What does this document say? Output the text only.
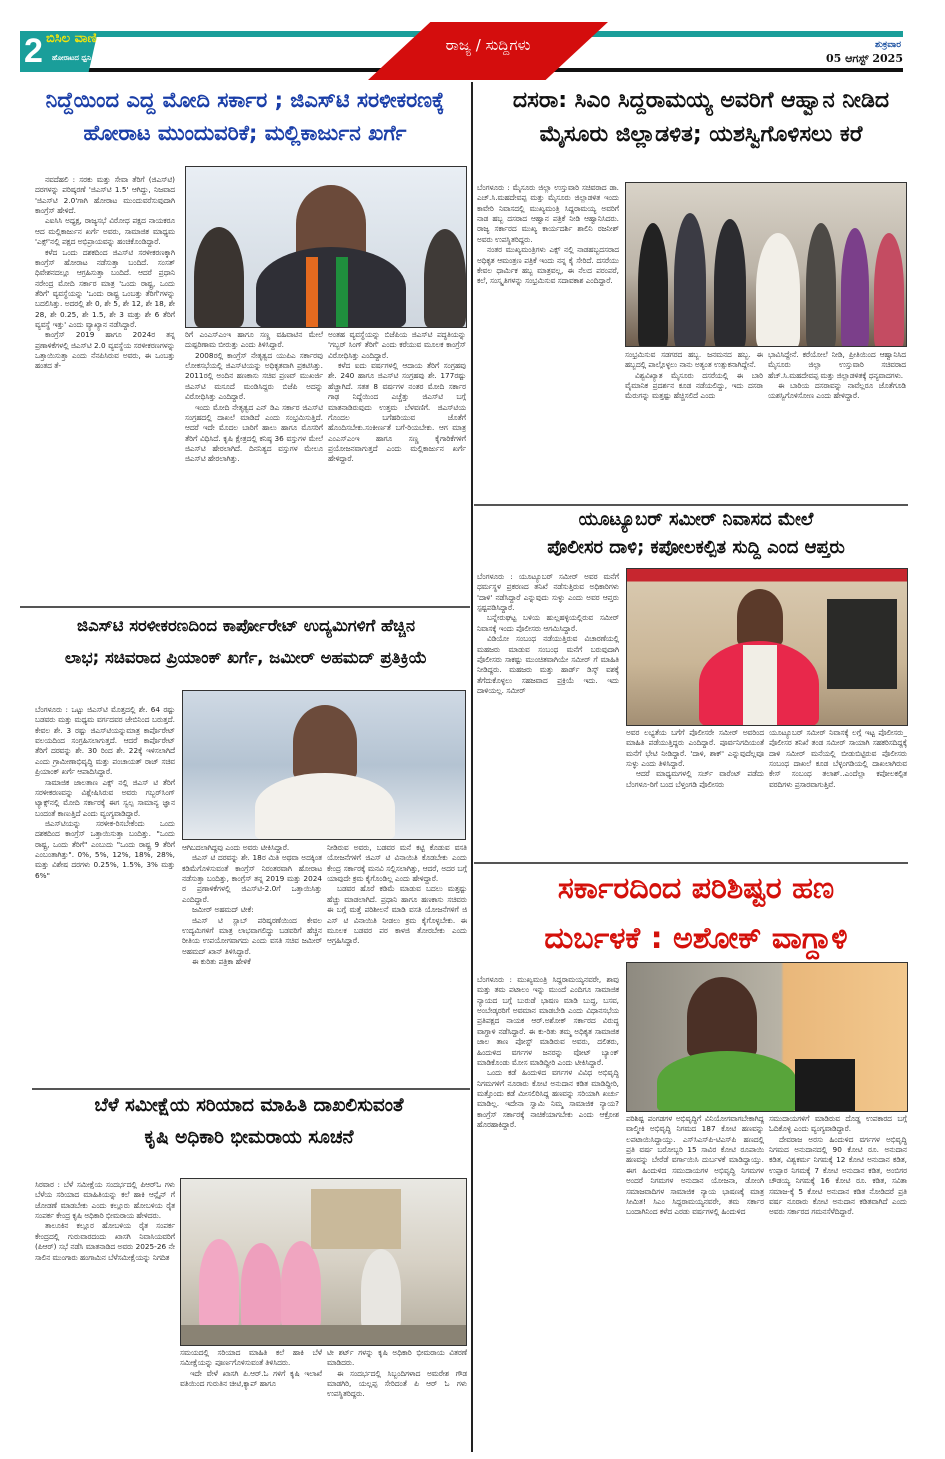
2 ಬಿಸಿಲ ವಾಣಿ
ಹೋರಾಟದ ಧ್ವನಿ
ರಾಜ್ಯ / ಸುದ್ದಿಗಳು	ಶುಕ್ರವಾರ
05 ಆಗಸ್ಟ್ 2025
ನಿದ್ದೆಯಿಂದ ಎದ್ದ ಮೋದಿ ಸರ್ಕಾರ ; ಜಿಎಸ್‌ಟಿ ಸರಳೀಕರಣಕ್ಕೆ
ಹೋರಾಟ ಮುಂದುವರಿಕೆ; ಮಲ್ಲಿಕಾರ್ಜುನ ಖರ್ಗೆ

ನವದೆಹಲಿ : ಸರಕು ಮತ್ತು ಸೇವಾ ತೆರಿಗೆ (ಜಿಎಸ್‌ಟಿ) ದರಗಳನ್ನು ಪರಿಷ್ಕರಣೆ 'ಜಿಎಸ್‌ಟಿ 1.5' ಆಗಿದ್ದು, ನಿಜವಾದ 'ಜಿಎಸ್‌ಟಿ 2.0'ಗಾಗಿ ಹೋರಾಟ ಮುಂದುವರೆಸುವುದಾಗಿ ಕಾಂಗ್ರೆಸ್ ಹೇಳಿದೆ.

ಎಐಸಿಸಿ ಅಧ್ಯಕ್ಷ, ರಾಜ್ಯಸಭೆ ವಿರೋಧ ಪಕ್ಷದ ನಾಯಕರೂ ಆದ ಮಲ್ಲಿಕಾರ್ಜುನ ಖರ್ಗೆ ಅವರು, ಸಾಮಾಜಿಕ ಮಾಧ್ಯಮ 'ಎಕ್ಸ್'ನಲ್ಲಿ ಪಕ್ಷದ ಅಭಿಪ್ರಾಯವನ್ನು ಹಂಚಿಕೊಂಡಿದ್ದಾರೆ.

ಕಳೆದ ಒಂದು ದಶಕದಿಂದ ಜಿಎಸ್‌ಟಿ ಸರಳೀಕರಣಕ್ಕಾಗಿ ಕಾಂಗ್ರೆಸ್ ಹೋರಾಟ ನಡೆಸುತ್ತಾ ಬಂದಿದೆ. ಸಂಸತ್ ಧಿವೇಶನದಲ್ಲೂ ಆಗ್ರಹಿಸುತ್ತಾ ಬಂದಿದೆ. ಆದರೆ ಪ್ರಧಾನಿ ನರೇಂದ್ರ ಮೋದಿ ಸರ್ಕಾರ ಮಾತ್ರ 'ಒಂದು ರಾಷ್ಟ್ರ, ಒಂದು ತೆರಿಗೆ' ವ್ಯವಸ್ಥೆಯನ್ನು 'ಒಂದು ರಾಷ್ಟ್ರ ಒಂಬತ್ತು ತೆರಿಗೆ'ಗಳನ್ನು ಬದಲಿಸಿತ್ತು. ಅದರಲ್ಲಿ ಶೇ 0, ಶೇ 5, ಶೇ 12, ಶೇ 18, ಶೇ 28, ಶೇ 0.25, ಶೇ 1.5, ಶೇ 3 ಮತ್ತು ಶೇ 6 ತೆರಿಗೆ ವ್ಯವಸ್ಥೆ ಇತ್ತು' ಎಂದು ವ್ಯಾಖ್ಯಾನ ನಡೆಸಿದ್ದಾರೆ.

ಕಾಂಗ್ರೆಸ್ 2019 ಹಾಗೂ 2024ರ ತನ್ನ ಪ್ರಣಾಳಿಕೆಗಳಲ್ಲಿ ಜಿಎಸ್‌ಟಿ 2.0 ವ್ಯವಸ್ಥೆಯ ಸರಳೀಕರಣಗಳನ್ನು ಒತ್ತಾಯಿಸುತ್ತಾ ಎಂದು ನೆನಪಿಸಿರುವ ಅವರು, ಈ ಒಂಬತ್ತು ಹಂತದ ತೆ-

ರಿಗೆ ಎಂಎಸ್‌ಎಂಇ ಹಾಗೂ ಸಣ್ಣ ವಹಿವಾಟಿನ ಮೇಲೆ ದುಷ್ಪರಿಣಾಮ ಬೀರುತ್ತು ಎಂದು ತಿಳಿಸಿದ್ದಾರೆ.

2008ರಲ್ಲಿ ಕಾಂಗ್ರೆಸ್ ನೇತೃತ್ವದ ಯುಪಿಎ ಸರ್ಕಾರವು ಲೋಕಸಭೆಯಲ್ಲಿ ಜಿಎಸ್‌ಟಿಯನ್ನು ಅಧಿಕೃತವಾಗಿ ಪ್ರಕಟಿಸಿತ್ತು. 2011ರಲ್ಲಿ ಅಂದಿನ ಹಣಕಾಸು ಸಚಿವ ಪ್ರಣವ್ ಮುಖರ್ಜಿ ಜಿಎಸ್‌ಟಿ ಮಸೂದೆ ಮಂಡಿಸಿದ್ದರು ಬಿಜೆಪಿ ಅದನ್ನು ವಿರೋಧಿಸಿತ್ತು ಎಂದಿದ್ದಾರೆ.

ಇಂದು ಮೋದಿ ನೇತೃತ್ವದ ಎನ್ ಡಿಎ ಸರ್ಕಾರ ಜಿಎಸ್‌ಟಿ ಸಂಗ್ರಹದಲ್ಲಿ ದಾಖಲೆ ಮಾಡಿದೆ ಎಂದು ಸಂಭ್ರಮಿಸುತ್ತಿದೆ. ಆದರೆ ಇದೇ ಮೊದಲ ಬಾರಿಗೆ ಹಾಲು ಹಾಗೂ ಮೊಸರಿಗೆ ತೆರಿಗೆ ವಿಧಿಸಿದೆ. ಕೃಷಿ ಕ್ಷೇತ್ರದಲ್ಲಿ ಕನಿಷ್ಠ 36 ವಸ್ತುಗಳ ಮೇಲೆ ಜಿಎಸ್‌ಟಿ ಹೇರಲಾಗಿದೆ. ದಿನನಿತ್ಯದ ವಸ್ತುಗಳ ಮೇಲೂ ಜಿಎಸ್‌ಟಿ ಹೇರಲಾಗಿತ್ತು.

ಅಂತಹ ವ್ಯವಸ್ಥೆಯನ್ನು ಬಿಜೆಪಿಯ ಜಿಎಸ್‌ಟಿ ಪದ್ಧತಿಯನ್ನು 'ಗಬ್ಬರ್ ಸಿಂಗ್ ತೆರಿಗೆ' ಎಂದು ಕರೆಯುವ ಮೂಲಕ ಕಾಂಗ್ರೆಸ್ ವಿರೋಧಿಸಿತ್ತು ಎಂದಿದ್ದಾರೆ.

ಕಳೆದ ಐದು ವರ್ಷಗಳಲ್ಲಿ ಆದಾಯ ತೆರಿಗೆ ಸಂಗ್ರಹವು ಶೇ. 240 ಹಾಗೂ ಜಿಎಸ್‌ಟಿ ಸಂಗ್ರಹವು ಶೇ. 177ರಷ್ಟು ಹೆಚ್ಚಾಗಿದೆ. ಸತತ 8 ವರ್ಷಗಳ ನಂತರ ಮೋದಿ ಸರ್ಕಾರ ಗಾಢ ನಿದ್ದೆಯಿಂದ ಎಚ್ಚೆತ್ತು ಜಿಎಸ್‌ಟಿ ಬಗ್ಗೆ ಮಾತನಾಡಿರುವುದು ಉತ್ತಮ ಬೆಳವಣಿಗೆ. ಜಿಎಸ್‌ಟಿಯ ಗೊಂದಲ ಬಗೆಹರಿಯುವ ಜೊತೆಗೆ ಹೊಂದಿಸಬೇಕು.ಸಂಕೀರ್ಣತೆ ಬಗೆ-ರಿಯಬೇಕು. ಆಗ ಮಾತ್ರ ಎಂಎಸ್‌ಎಂಇ ಹಾಗೂ ಸಣ್ಣ ಕೈಗಾರಿಕೆಗಳಿಗೆ ಪ್ರಯೋಜನವಾಗುತ್ತದೆ ಎಂದು ಮಲ್ಲಿಕಾರ್ಜುನ ಖರ್ಗೆ ಹೇಳಿದ್ದಾರೆ.

ದಸರಾ: ಸಿಎಂ ಸಿದ್ದರಾಮಯ್ಯ ಅವರಿಗೆ ಆಹ್ವಾನ ನೀಡಿದ
ಮೈಸೂರು ಜಿಲ್ಲಾಡಳಿತ; ಯಶಸ್ವಿಗೊಳಿಸಲು ಕರೆ

ಬೆಂಗಳೂರು : ಮೈಸೂರು ಜಿಲ್ಲಾ ಉಸ್ತುವಾರಿ ಸಚಿವರಾದ ಡಾ. ಎಚ್.ಸಿ.ಮಹದೇವಪ್ಪ ಮತ್ತು ಮೈಸೂರು ಜಿಲ್ಲಾಡಳಿತ ಇಂದು ಕಾವೇರಿ ನಿವಾಸದಲ್ಲಿ ಮುಖ್ಯಮಂತ್ರಿ ಸಿದ್ದರಾಮಯ್ಯ ಅವರಿಗೆ ನಾಡ ಹಬ್ಬ ದಸರಾದ ಆಹ್ವಾನ ಪತ್ರಿಕೆ ನೀಡಿ ಆಹ್ವಾನಿಸಿದರು. ರಾಜ್ಯ ಸರ್ಕಾರದ ಮುಖ್ಯ ಕಾರ್ಯದರ್ಶಿ ಶಾಲಿನಿ ರಜನೀಶ್ ಅವರು ಉಪಸ್ಥಿತರಿದ್ದರು.

ನಂತರ ಮುಖ್ಯಮಂತ್ರಿಗಳು ಎಕ್ಸ್ ನಲ್ಲಿ ನಾಡಹಬ್ಬದಸರಾದ ಅಧಿಕೃತ ಆಮಂತ್ರಣ ಪತ್ರಿಕೆ ಇಂದು ನನ್ನ ಕೈ ಸೇರಿದೆ. ದಸರೆಯು ಕೇವಲ ಧಾರ್ಮಿಕ ಹಬ್ಬ ಮಾತ್ರವಲ್ಲ, ಈ ನೆಲದ ಪರಂಪರೆ, ಕಲೆ, ಸಂಸ್ಕೃತಿಗಳನ್ನು ಸಂಭ್ರಮಿಸುವ ಸದಾವಕಾಶ ಎಂದಿದ್ದಾರೆ.

ಸಂಭ್ರಮಿಸುವ ಸಡಗರದ ಹಬ್ಬ. ಜನಮನದ ಹಬ್ಬ. ಈ ಹಬ್ಬದಲ್ಲಿ ಪಾಲ್ಗೊಳ್ಳಲು ನಾನು ಅತ್ಯಂತ ಉತ್ಸುಕನಾಗಿದ್ದೇನೆ.

ವಿಶ್ವವಿಖ್ಯಾತ ಮೈಸೂರು ದಸರೆಯಲ್ಲಿ ಈ ಬಾರಿ ವೈಮಾನಿಕ ಪ್ರದರ್ಶನ ಕೂಡ ನಡೆಯಲಿದ್ದು, ಇದು ದಸರಾ ಮೆರುಗನ್ನು ಮತ್ತಷ್ಟು ಹೆಚ್ಚಿಸಲಿದೆ ಎಂದು

ಭಾವಿಸಿದ್ದೇನೆ. ಕರೆಯೋಲೆ ನೀಡಿ, ಪ್ರೀತಿಯಿಂದ ಆಹ್ವಾನಿಸಿದ ಮೈಸೂರು ಜಿಲ್ಲಾ ಉಸ್ತುವಾರಿ ಸಚಿವರಾದ ಹೆಚ್.ಸಿ.ಮಹದೇವಪ್ಪ ಮತ್ತು ಜಿಲ್ಲಾಡಳಿತಕ್ಕೆ ಧನ್ಯವಾದಗಳು.

ಈ ಬಾರಿಯ ದಸರಾವನ್ನು ನಾವೆಲ್ಲರೂ ಜೊತೆಗೂಡಿ ಯಶಸ್ವಿಗೊಳಿಸೋಣ ಎಂದು ಹೇಳಿದ್ದಾರೆ.

ಯೂಟ್ಯೂಬರ್ ಸಮೀರ್ ನಿವಾಸದ ಮೇಲೆ
ಪೊಲೀಸರ ದಾಳಿ; ಕಪೋಲಕಲ್ಪಿತ ಸುದ್ದಿ ಎಂದ ಆಪ್ತರು

ಬೆಂಗಳೂರು : ಯೂಟ್ಯೂಬರ್ ಸಮೀರ್ ಅವರ ಮನೆಗೆ ಧರ್ಮಸ್ಥಳ ಪ್ರಕರಣದ ತನಿಖೆ ನಡೆಸುತ್ತಿರುವ ಅಧಿಕಾರಿಗಳು 'ದಾಳಿ' ನಡೆಸಿದ್ದಾರೆ ಎನ್ನುವುದು ಸುಳ್ಳು ಎಂದು ಅವರ ಆಪ್ತರು ಸ್ಪಷ್ಟಪಡಿಸಿದ್ದಾರೆ.

ಬನ್ನೇರುಘಟ್ಟ ಬಳಿಯ ಹುಲ್ಲಹಳ್ಳಿಯಲ್ಲಿರುವ ಸಮೀರ್ ನಿವಾಸಕ್ಕೆ ಇಂದು ಪೊಲೀಸರು ಆಗಮಿಸಿದ್ದಾರೆ.

ವಿಡಿಯೋ ಸಂಬಂಧ ನಡೆಯುತ್ತಿರುವ ವಿಚಾರಣೆಯಲ್ಲಿ ಮಹಜರು ಮಾಡುವ ಸಂಬಂಧ ಮನೆಗೆ ಬರುವುದಾಗಿ ಪೊಲೀಸರು ಸಾಕಷ್ಟು ಮುಂಚಿತವಾಗಿಯೇ ಸಮೀರ್ ಗೆ ಮಾಹಿತಿ ನೀಡಿದ್ದರು. ಮಹಜರು ಮತ್ತು ಹಾರ್ಡ್ ಡಿಸ್ಕ್ ವಶಕ್ಕೆ ತೆಗೆದುಕೊಳ್ಳಲು ಸಹಜವಾದ ಪ್ರಕ್ರಿಯೆ ಇದು. ಇದು ದಾಳಿಯಲ್ಲ. ಸಮೀರ್

ಅವರ ಲಭ್ಯತೆಯ ಬಗೆಗೆ ಪೊಲೀಸರೇ ಸಮೀರ್ ಅವರಿಂದ ಮಾಹಿತಿ ಪಡೆಯುತ್ತಿದ್ದರು ಎಂದಿದ್ದಾರೆ. ಪೂರ್ವನಿಗದಿಯಂತೆ ಮನೆಗೆ ಭೇಟಿ ನೀಡಿದ್ದಾರೆ. 'ದಾಳಿ, ಶಾಕ್' ಎನ್ನುವುದೆಲ್ಲವೂ ಸುಳ್ಳು ಎಂದು ತಿಳಿಸಿದ್ದಾರೆ.

ಆದರೆ ಮಾಧ್ಯಮಗಳಲ್ಲಿ ಸರ್ಚ್ ವಾರೆಂಟ್ ಪಡೆದು ಬೆಂಗಳೂ-ರಿಗೆ ಬಂದ ಬೆಳ್ತಂಗಡಿ ಪೊಲೀಸರು

ಯೂಟ್ಯೂಬರ್ ಸಮೀರ್ ನಿವಾಸಕ್ಕೆ ಲಗ್ಗೆ ಇಟ್ಟ ಪೊಲೀಸರು_ ಪೊಲೀಸರ ತನಿಖೆ ತಂಡ ಸಮೀರ್ ಸಾಯಾಗಿ ಸಹಕರಿಸದಿದ್ದಕ್ಕೆ ದಾಳಿ ಸಮೀರ್ ಮನೆಯಲ್ಲಿ ಬೀಡುಬಿಟ್ಟಿರುವ ಪೊಲೀಸರು ಸಂಬಂಧ ದಾಖಲೆ ಕೂಡ ಬೆಳ್ಳಂಗಡಿಯಲ್ಲಿ ದಾಖಲಾಗಿರುವ ಕೇಸ್ ಸಂಬಂಧ ತಲಾಶ್..ಎಂದೆಲ್ಲಾ ಕಪೋಲಕಲ್ಪಿತ ವರದಿಗಳು ಪ್ರಸಾರವಾಗುತ್ತಿವೆ.

ಜಿಎಸ್‌ಟಿ ಸರಳೀಕರಣದಿಂದ ಕಾರ್ಪೋರೇಟ್ ಉದ್ಯಮಿಗಳಿಗೆ ಹೆಚ್ಚಿನ
ಲಾಭ; ಸಚಿವರಾದ ಪ್ರಿಯಾಂಕ್ ಖರ್ಗೆ, ಜಮೀರ್ ಅಹಮದ್ ಪ್ರತಿಕ್ರಿಯೆ

ಬೆಂಗಳೂರು : ಒಟ್ಟು ಜಿಎಸ್‌ಟಿ ಮೊತ್ತದಲ್ಲಿ ಶೇ. 64 ರಷ್ಟು ಬಡವರು ಮತ್ತು ಮಧ್ಯಮ ವರ್ಗದವರ ಜೇಬಿನಿಂದ ಬರುತ್ತದೆ. ಕೇವಲ ಶೇ. 3 ರಷ್ಟು ಜಿಎಸ್‌ಟಿಯನ್ನುಮಾತ್ರ ಕಾರ್ಪೊರೇಟ್ ವಲಯದಿಂದ ಸಂಗ್ರಹಿಸಲಾಗುತ್ತದೆ. ಆದರೆ ಕಾರ್ಪೊರೇಟ್ ತೆರಿಗೆ ದರವನ್ನು ಶೇ. 30 ರಿಂದ ಶೇ. 22ಕ್ಕೆ ಇಳಿಸಲಾಗಿದೆ ಎಂದು ಗ್ರಾಮೀಣಾಭಿವೃದ್ಧಿ ಮತ್ತು ಪಂಚಾಯತ್ ರಾಜ್ ಸಚಿವ ಪ್ರಿಯಾಂಕ್ ಖರ್ಗೆ ಆಪಾದಿಸಿದ್ದಾರೆ.

ಸಾಮಾಜಿಕ ಜಾಲತಾಣ ಎಕ್ಸ್ ನಲ್ಲಿ ಜಿಎಸ್ ಟಿ ತೆರಿಗೆ ಸರಳೀಕರಣವನ್ನು ವಿಶ್ಲೇಷಿಸಿರುವ ಅವರು ಗಬ್ಬರ್‌ಸಿಂಗ್ ಟ್ಯಾಕ್ಸ್‌ನಲ್ಲಿ ಮೋದಿ ಸರ್ಕಾರಕ್ಕೆ ಈಗ ಸ್ವಲ್ಪ ಸಾಮಾನ್ಯ ಜ್ಞಾನ ಬಂದಂತೆ ಕಾಣುತ್ತಿದೆ ಎಂದು ವ್ಯಂಗ್ಯವಾಡಿದ್ದಾರೆ.

ಜಿಎಸ್‌ಟಿಯನ್ನು ಸರಳೀಕ-ರಿಸಬೇಕೆಂದು ಒಂದು ದಶಕದಿಂದ ಕಾಂಗ್ರೆಸ್ ಒತ್ತಾಯಿಸುತ್ತಾ ಬಂದಿತ್ತು. "ಒಂದು ರಾಷ್ಟ್ರ, ಒಂದು ತೆರಿಗೆ" ಎಂಬುದು "ಒಂದು ರಾಷ್ಟ್ರ 9 ತೆರಿಗೆ ಎಂಬಂತಾಗಿತ್ತು". 0%, 5%, 12%, 18%, 28%, ಮತ್ತು ವಿಶೇಷ ದರಗಳು 0.25%, 1.5%, 3% ಮತ್ತು 6%"

ಆಗಿಬದಲಾಗಿದ್ದವು ಎಂದು ಅವರು ಟೀಕಿಸಿದ್ದಾರೆ.

ಜಿಎಸ್ ಟಿ ದರವನ್ನು ಶೇ. 18ರ ಮಿತಿ ಅಥವಾ ಅದಕ್ಕಿಂತ ಕಡಿಮೆಗೊಳಿಸುವಂತೆ ಕಾಂಗ್ರೆಸ್ ನಿರಂತರವಾಗಿ ಹೋರಾಟ ನಡೆಸುತ್ತಾ ಬಂದಿತ್ತು, ಕಾಂಗ್ರೆಸ್ ತನ್ನ 2019 ಮತ್ತು 2024 ರ ಪ್ರಣಾಳಿಕೆಗಳಲ್ಲಿ ಜಿಎಸ್‌ಟಿ-2.0ಗೆ ಒತ್ತಾಯಿಸಿತ್ತು ಎಂದಿದ್ದಾರೆ.

ಜಮೀರ್ ಅಹಮದ್ ಟೀಕೆ:

ಜಿಎಸ್ ಟಿ ಸ್ಲಾಬ್ ಪರಿಷ್ಕರಣೆಯಿಂದ ಕೇವಲ ಉದ್ಯಮಿಗಳಿಗೆ ಮಾತ್ರ ಲಾಭವಾಗಲಿದ್ದು ಬಡವರಿಗೆ ಹೆಚ್ಚಿನ ರೀತಿಯ ಉಪಯೋಗವಾಗದು ಎಂದು ವಸತಿ ಸಚಿವ ಜಮೀರ್ ಅಹಮದ್ ಖಾನ್ ತಿಳಿಸಿದ್ದಾರೆ.

ಈ ಕುರಿತು ಪತ್ರಿಕಾ ಹೇಳಿಕೆ

ನೀಡಿರುವ ಅವರು, ಬಡವರ ಮನೆ ಕಟ್ಟಿ ಕೊಡುವ ವಸತಿ ಯೋಜನೆಗಳಿಗೆ ಜಿಎಸ್ ಟಿ ವಿನಾಯಿತಿ ಕೊಡಬೇಕು ಎಂದು ಕೇಂದ್ರ ಸರ್ಕಾರಕ್ಕೆ ಮನವಿ ಸಲ್ಲಿಸಲಾಗಿತ್ತು, ಆದರೆ, ಅದರ ಬಗ್ಗೆ ಯಾವುದೇ ಕ್ರಮ ಕೈಗೊಂಡಿಲ್ಲ ಎಂದು ಹೇಳಿದ್ದಾರೆ.

ಬಡವರ ಹೊರೆ ಕಡಿಮೆ ಮಾಡುವ ಬದಲು ಮತ್ತಷ್ಟು ಹೆಚ್ಚು ಮಾಡಲಾಗಿದೆ. ಪ್ರಧಾನಿ ಹಾಗೂ ಹಣಕಾಸು ಸಚಿವರು ಈ ಬಗ್ಗೆ ಮತ್ತೆ ಪರಿಶೀಲನೆ ಮಾಡಿ ವಸತಿ ಯೋಜನೆಗಳಿಗೆ ಜಿ ಎಸ್ ಟಿ ವಿನಾಯಿತಿ ನೀಡಲು ಕ್ರಮ ಕೈಗೊಳ್ಳಬೇಕು. ಈ ಮೂಲಕ ಬಡವರ ಪರ ಕಾಳಜಿ ತೋರಬೇಕು ಎಂದು ಆಗ್ರಹಿಸಿದ್ದಾರೆ.

ಸರ್ಕಾರದಿಂದ ಪರಿಶಿಷ್ಟರ ಹಣ
ದುರ್ಬಳಕೆ : ಅಶೋಕ್ ವಾಗ್ದಾಳಿ

ಬೆಂಗಳೂರು : ಮುಖ್ಯಮಂತ್ರಿ ಸಿದ್ದರಾಮಯ್ಯನವರೇ, ಶಾವು ಮತ್ತು ತಮ ಪಟಾಲಂ ಇನ್ನು ಮುಂದೆ ಎಂದಿಗೂ ಸಾಮಾಜಿಕ ನ್ಯಾಯದ ಬಗ್ಗೆ ಬುರುಡೆ ಭಾಷಣ ಮಾಡಿ ಬುದ್ಧ, ಬಸವ, ಅಂಬೇಡ್ಕರರಿಗೆ ಅವಮಾನ ಮಾಡಬೇಡಿ ಎಂದು ವಿಧಾನಸಭೆಯ ಪ್ರತಿಪಕ್ಷದ ನಾಯಕ ಆರ್.ಅಶೋಕ್ ಸರ್ಕಾರದ ವಿರುದ್ಧ ವಾಗ್ದಾಳಿ ನಡೆಸಿದ್ದಾರೆ. ಈ ಕು-ರಿತು ತಮ್ಮ ಅಧಿಕೃತ ಸಾಮಾಜಿಕ ಜಾಲ ತಾಣ ಪೋಸ್ಟ್ ಮಾಡಿರುವ ಅವರು, ದಲಿತರು, ಹಿಂದುಳಿದ ವರ್ಗಗಳ ಜನರನ್ನು ವೋಟ್ ಬ್ಯಾಂಕ್ ಮಾಡಿಕೊಂಡು ಮೋಸ ಮಾಡಿದ್ದೀರಿ ಎಂದು ಟೀಕಿಸಿದ್ದಾರೆ.

ಒಂದು ಕಡೆ ಹಿಂದುಳಿದ ವರ್ಗಗಳ ವಿವಿಧ ಅಭಿವೃದ್ಧಿ ನಿಗಮಗಳಿಗೆ ನೂರಾರು ಕೋಟಿ ಅನುದಾನ ಕಡಿತ ಮಾಡಿದ್ದೀರಿ, ಮತ್ತೊಂದು ಕಡೆ ಮೀಸಲಿರಿಸಿದ್ದ ಹಣವನ್ನು ಸರಿಯಾಗಿ ಖರ್ಚು ಮಾಡಿಲ್ಲ. ಇದೇನಾ ಸ್ವಾಮಿ ನಿಮ್ಮ ಸಾಮಾಜಿಕ ನ್ಯಾಯ? ಕಾಂಗ್ರೆಸ್ ಸರ್ಕಾರಕ್ಕೆ ನಾಚಿಕೆಯಾಗಬೇಕು ಎಂದು ಆಕ್ರೋಶ ಹೊರಹಾಕಿದ್ದಾರೆ.

ಪರಿಶಿಷ್ಟ ಪಂಗಡಗಳ ಅಭಿವೃದ್ಧಿಗೆ ವಿನಿಯೋಗವಾಗಬೇಕಾಗಿದ್ದ ವಾಲ್ಮೀಕಿ ಅಭಿವೃದ್ಧಿ ನಿಗಮದ 187 ಕೋಟಿ ಹಣವನ್ನು ಲಪಟಾಯಿಸಿದ್ದಾಯ್ತು. ಎಸ್‌ಸಿಎಸ್‌ಪಿ-ಟಿಎಸ್‌ಪಿ ಹಣದಲ್ಲಿ ಪ್ರತಿ ವರ್ಷ ಬರೋಬ್ಬರಿ 15 ಸಾವಿರ ಕೋಟಿ ರೂಪಾಯಿ ಹಣವನ್ನು ಬೇರೆಡೆ ವರ್ಗಾಯಿಸಿ ದುರ್ಬಳಕೆ ಮಾಡಿದ್ದಾಯ್ತು. ಈಗ ಹಿಂದುಳಿದ ಸಮುದಾಯಗಳ ಅಭಿವೃದ್ಧಿ ನಿಗಮಗಳ ಅಂದರೆ ನಿಗಮಗಳ ಅನುದಾನ ಯೋಜನಾ, ಡೋಂಗಿ ಸಮಾಜವಾದಿಗಳ ಸಾಮಾಜಿಕ ನ್ಯಾಯ ಭಾಷಣಕ್ಕೆ ಮಾತ್ರ ಸೀಮಿತ! ಸಿಎಂ ಸಿದ್ದರಾಮಯ್ಯನವರೇ, ತಮ ಸರ್ಕಾರ ಬಂದಾಗಿನಿಂದ ಕಳೆದ ಎರಡು ವರ್ಷಗಳಲ್ಲಿ ಹಿಂದುಳಿದ

ಸಮುದಾಯಗಳಿಗೆ ಮಾಡಿರುವ ದೊಡ್ಡ ಉಪಕಾರದ ಬಗ್ಗೆ ಓದಿಕೊಳ್ಳಿ ಎಂದು ವ್ಯಂಗ್ಯವಾಡಿದ್ದಾರೆ.

ದೇವರಾಜ ಅರಸು ಹಿಂದುಳಿದ ವರ್ಗಗಳ ಅಭಿವೃದ್ಧಿ ನಿಗಮದ ಅನುದಾನದಲ್ಲಿ 90 ಕೋಟಿ ರೂ. ಅನುದಾನ ಕಡಿತ, ವಿಶ್ವಕರ್ಮ ನಿಗಮಕ್ಕೆ 12 ಕೋಟಿ ಅನುದಾನ ಕಡಿತ, ಉಪ್ಪಾರ ನಿಗಮಕ್ಕೆ 7 ಕೋಟಿ ಅನುದಾನ ಕಡಿತ, ಅಂಬಿಗರ ಚೌಡಯ್ಯ ನಿಗಮಕ್ಕೆ 16 ಕೋಟಿ ರೂ. ಕಡಿತ, ಸವಿತಾ ಸಮಾಜ-ಕ್ಕೆ 5 ಕೋಟಿ ಅನುದಾನ ಕಡಿತ ನೋಡಿದರೆ ಪ್ರತಿ ವರ್ಷ ನೂರಾರು ಕೋಟಿ ಅನುದಾನ ಕಡಿತವಾಗಿದೆ ಎಂದು ಅವರು ಸರ್ಕಾರದ ಗಮನಸೆಳೆದಿದ್ದಾರೆ.

ಬೆಳೆ ಸಮೀಕ್ಷೆಯ ಸರಿಯಾದ ಮಾಹಿತಿ ದಾಖಲಿಸುವಂತೆ
ಕೃಷಿ ಅಧಿಕಾರಿ ಭೀಮರಾಯ ಸೂಚನೆ

ಸಿರವಾರ : ಬೆಳೆ ಸಮೀಕ್ಷೆಯ ಸಂದರ್ಭದಲ್ಲಿ ಪಿಆರ್‌ಓ ಗಳು ಬೆಳೆಯ ಸರಿಯಾದ ಮಾಹಿತಿಯನ್ನು ಕಲೆ ಹಾಕಿ ಆನ್ಲೈನ್ ಗೆ ಜೋಡಣೆ ಮಾಡಬೇಕು ಎಂದು ಕಲ್ಲೂರು ಹೋಬಳಿಯ ರೈತ ಸಂಪರ್ಕ ಕೇಂದ್ರ ಕೃಷಿ ಅಧಿಕಾರಿ ಭೀಮರಾಯ ಹೇಳಿದರು.

ತಾಲೂಕಿನ ಕಲ್ಲೂರ ಹೋಬಳಿಯ ರೈತ ಸಂಪರ್ಕ ಕೇಂದ್ರದಲ್ಲಿ ಗುರುವಾರದಂದು ಖಾಸಗಿ ನಿವಾಸಿಯವರಿಗೆ (ಪಿಆರ್) ಸಭೆ ನಡೆಸಿ ಮಾತನಾಡಿದ ಅವರು 2025-26 ನೇ ಸಾಲಿನ ಮುಂಗಾರು ಹಂಗಾಮಿನ ಬೆಳೆಸಮೀಕ್ಷೆಯನ್ನು ನಿಗದಿತ

ಸಮಯದಲ್ಲಿ ಸರಿಯಾದ ಮಾಹಿತಿ ಕಲೆ ಹಾಕಿ ಬೆಳೆ ಸಮೀಕ್ಷೆಯನ್ನು ಪೂರ್ಣಗೊಳಿಸುವಂತೆ ತಿಳಿಸಿದರು.

ಇದೇ ವೇಳೆ ಖಾಸಗಿ ಪಿ.ಆರ್.ಓ ಗಳಿಗೆ ಕೃಷಿ ಇಲಾಖೆ ವತಿಯಿಂದ ಗುರುತಿನ ಚೀಟಿ,ಕ್ಯಾಪ್ ಹಾಗೂ

ಟೀ ಶರ್ಟ್ ಗಳನ್ನು ಕೃಷಿ ಅಧಿಕಾರಿ ಭೀಮರಾಯ ವಿತರಣೆ ಮಾಡಿದರು.

ಈ ಸಂದರ್ಭದಲ್ಲಿ ಸಿಬ್ಬಂದಿಗಳಾದ ಅಮರೇಶ ಗೌಡ ಮಾಡಗಿರಿ, ಯಲ್ಲಪ್ಪ ಸೇರಿದಂತೆ ಪಿ ಆರ್ ಓ ಗಳು ಉಪಸ್ಥಿತರಿದ್ದರು.
